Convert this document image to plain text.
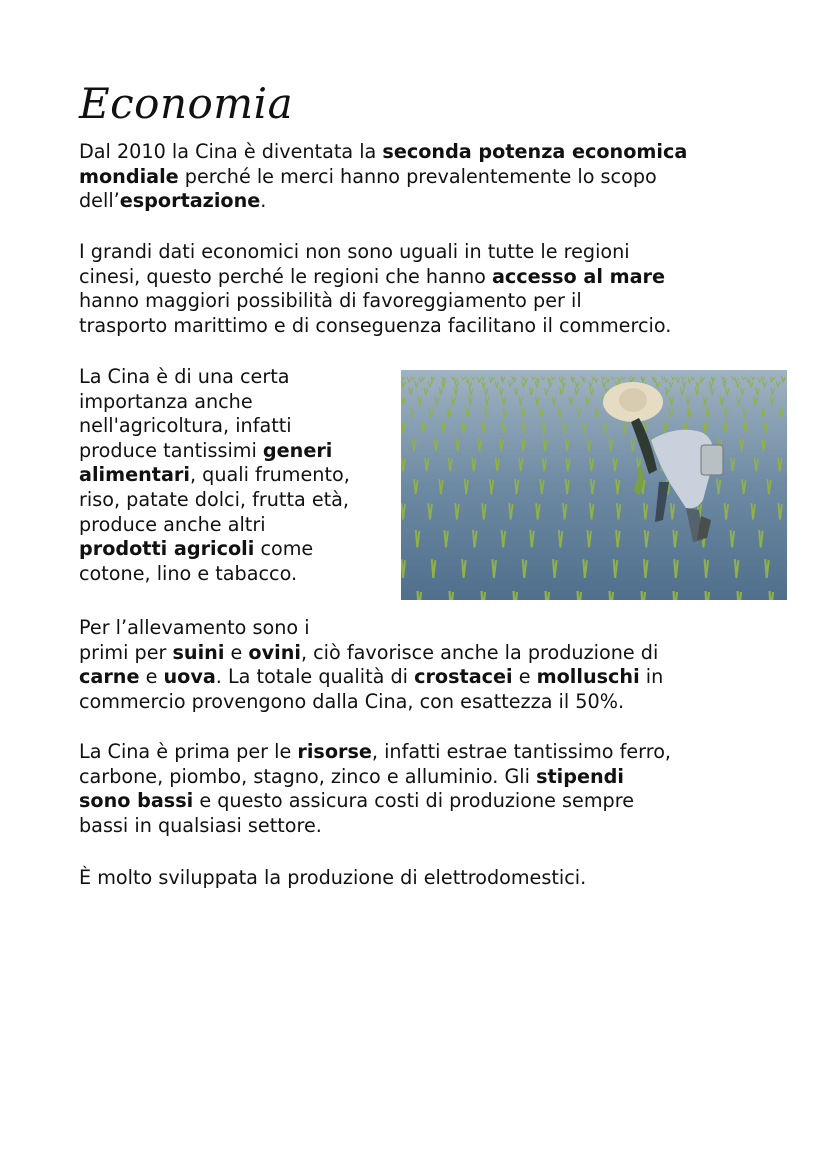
Economia

Dal 2010 la Cina è diventata la seconda potenza economica
mondiale perché le merci hanno prevalentemente lo scopo
dell’esportazione.

I grandi dati economici non sono uguali in tutte le regioni
cinesi, questo perché le regioni che hanno accesso al mare
hanno maggiori possibilità di favoreggiamento per il
trasporto marittimo e di conseguenza facilitano il commercio.

La Cina è di una certa
importanza anche
nell'agricoltura, infatti
produce tantissimi generi
alimentari, quali frumento,
riso, patate dolci, frutta età,
produce anche altri
prodotti agricoli come
cotone, lino e tabacco.

Per l’allevamento sono i
primi per suini e ovini, ciò favorisce anche la produzione di
carne e uova. La totale qualità di crostacei e molluschi in
commercio provengono dalla Cina, con esattezza il 50%.

La Cina è prima per le risorse, infatti estrae tantissimo ferro,
carbone, piombo, stagno, zinco e alluminio. Gli stipendi
sono bassi e questo assicura costi di produzione sempre
bassi in qualsiasi settore.

È molto sviluppata la produzione di elettrodomestici.
